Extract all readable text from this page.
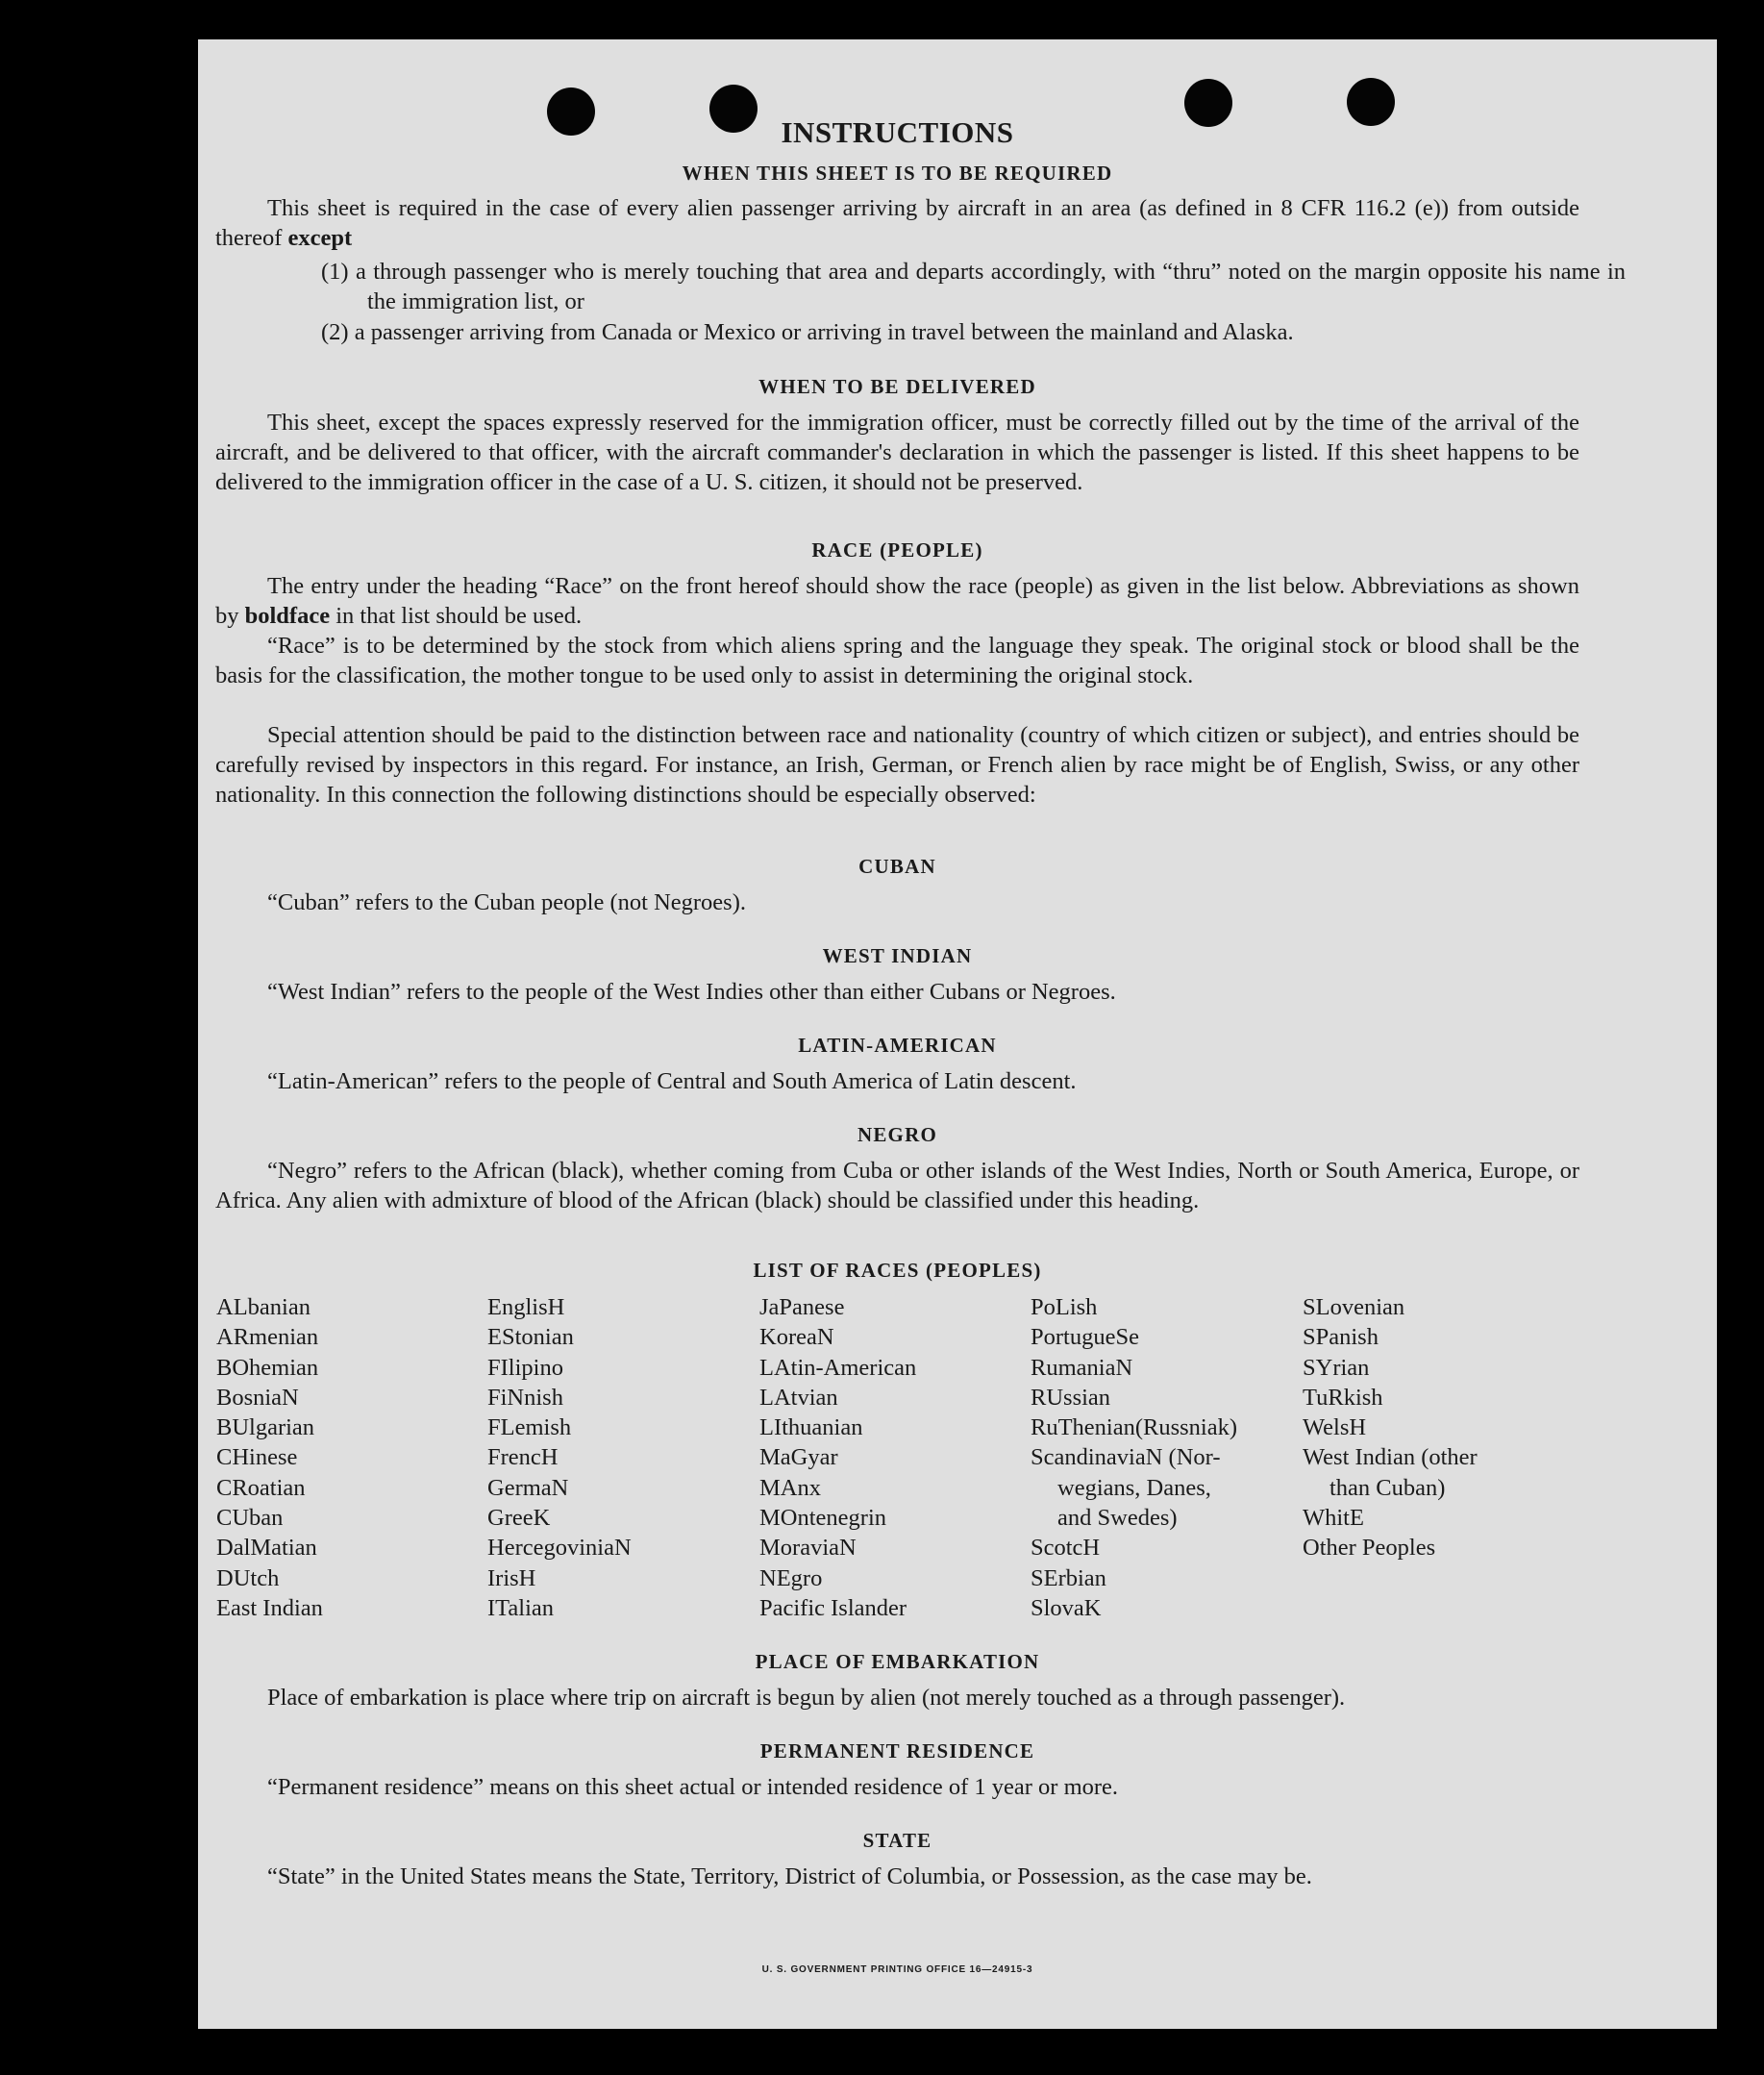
INSTRUCTIONS
WHEN THIS SHEET IS TO BE REQUIRED
This sheet is required in the case of every alien passenger arriving by aircraft in an area (as defined in 8 CFR 116.2 (e)) from outside thereof except
(1) a through passenger who is merely touching that area and departs accordingly, with “thru” noted on the margin opposite his name in the immigration list, or
(2) a passenger arriving from Canada or Mexico or arriving in travel between the mainland and Alaska.
WHEN TO BE DELIVERED
This sheet, except the spaces expressly reserved for the immigration officer, must be correctly filled out by the time of the arrival of the aircraft, and be delivered to that officer, with the aircraft commander's declaration in which the passenger is listed. If this sheet happens to be delivered to the immigration officer in the case of a U. S. citizen, it should not be preserved.
RACE (PEOPLE)
The entry under the heading “Race” on the front hereof should show the race (people) as given in the list below. Abbreviations as shown by boldface in that list should be used.
“Race” is to be determined by the stock from which aliens spring and the language they speak. The original stock or blood shall be the basis for the classification, the mother tongue to be used only to assist in determining the original stock.
Special attention should be paid to the distinction between race and nationality (country of which citizen or subject), and entries should be carefully revised by inspectors in this regard. For instance, an Irish, German, or French alien by race might be of English, Swiss, or any other nationality. In this connection the following distinctions should be especially observed:
CUBAN
“Cuban” refers to the Cuban people (not Negroes).
WEST INDIAN
“West Indian” refers to the people of the West Indies other than either Cubans or Negroes.
LATIN-AMERICAN
“Latin-American” refers to the people of Central and South America of Latin descent.
NEGRO
“Negro” refers to the African (black), whether coming from Cuba or other islands of the West Indies, North or South America, Europe, or Africa. Any alien with admixture of blood of the African (black) should be classified under this heading.
LIST OF RACES (PEOPLES)
ALbanian
ARmenian
BOhemian
BosniaN
BUlgarian
CHinese
CRoatian
CUban
DalMatian
DUtch
East Indian
EnglisH
EStonian
FIlipino
FiNnish
FLemish
FrencH
GermaN
GreeK
HercegoviniaN
IrisH
ITalian
JaPanese
KoreaN
LAtin-American
LAtvian
LIthuanian
MaGyar
MAnx
MOntenegrin
MoraviaN
NEgro
Pacific Islander
PoLish
PortugueSe
RumaniaN
RUssian
RuThenian(Russniak)
ScandinaviaN (Nor-
wegians, Danes,
and Swedes)
ScotcH
SErbian
SlovaK
SLovenian
SPanish
SYrian
TuRkish
WelsH
West Indian (other
than Cuban)
WhitE
Other Peoples
PLACE OF EMBARKATION
Place of embarkation is place where trip on aircraft is begun by alien (not merely touched as a through passenger).
PERMANENT RESIDENCE
“Permanent residence” means on this sheet actual or intended residence of 1 year or more.
STATE
“State” in the United States means the State, Territory, District of Columbia, or Possession, as the case may be.
U. S. GOVERNMENT PRINTING OFFICE 16—24915-3
